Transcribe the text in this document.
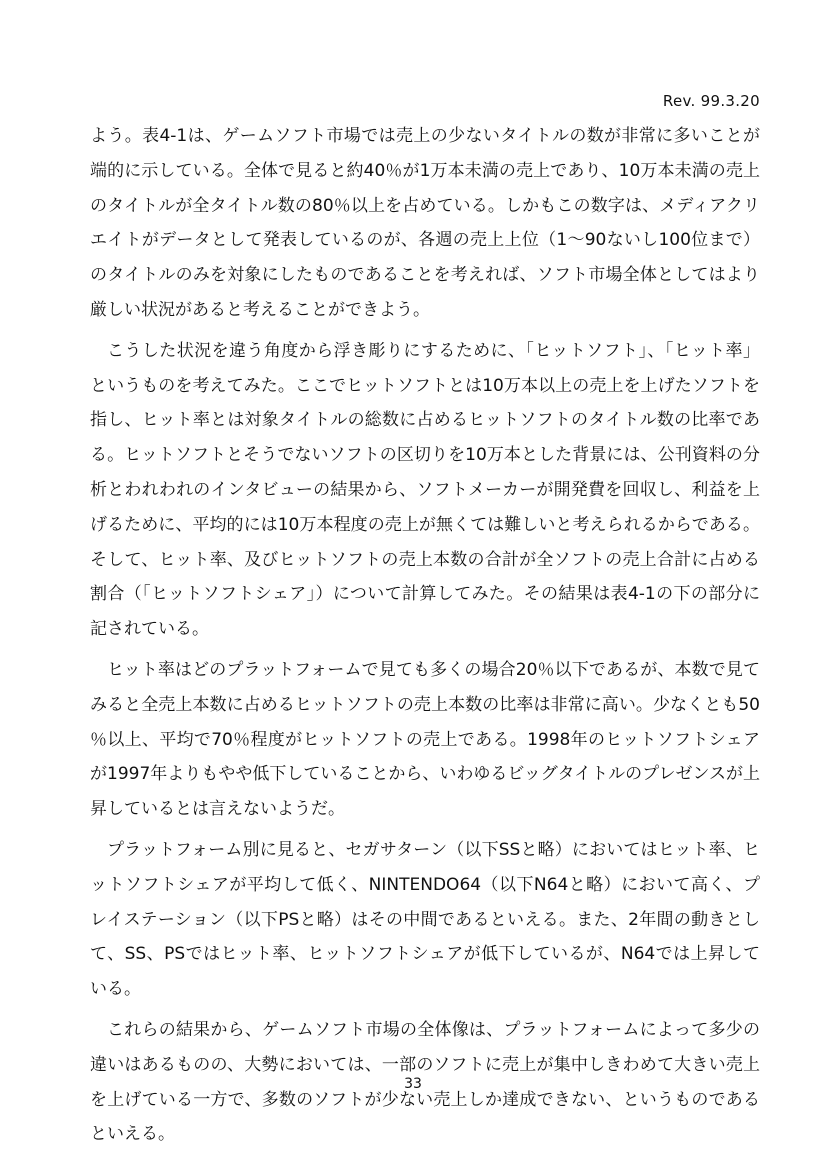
Rev. 99.3.20

よう。表4-1は、ゲームソフト市場では売上の少ないタイトルの数が非常に多いことが端的に示している。全体で見ると約40％が1万本未満の売上であり、10万本未満の売上のタイトルが全タイトル数の80％以上を占めている。しかもこの数字は、メディアクリエイトがデータとして発表しているのが、各週の売上上位（1〜90ないし100位まで）のタイトルのみを対象にしたものであることを考えれば、ソフト市場全体としてはより厳しい状況があると考えることができよう。

こうした状況を違う角度から浮き彫りにするために、「ヒットソフト」、「ヒット率」というものを考えてみた。ここでヒットソフトとは10万本以上の売上を上げたソフトを指し、ヒット率とは対象タイトルの総数に占めるヒットソフトのタイトル数の比率である。ヒットソフトとそうでないソフトの区切りを10万本とした背景には、公刊資料の分析とわれわれのインタビューの結果から、ソフトメーカーが開発費を回収し、利益を上げるために、平均的には10万本程度の売上が無くては難しいと考えられるからである。そして、ヒット率、及びヒットソフトの売上本数の合計が全ソフトの売上合計に占める割合（「ヒットソフトシェア」）について計算してみた。その結果は表4-1の下の部分に記されている。

ヒット率はどのプラットフォームで見ても多くの場合20％以下であるが、本数で見てみると全売上本数に占めるヒットソフトの売上本数の比率は非常に高い。少なくとも50％以上、平均で70％程度がヒットソフトの売上である。1998年のヒットソフトシェアが1997年よりもやや低下していることから、いわゆるビッグタイトルのプレゼンスが上昇しているとは言えないようだ。

プラットフォーム別に見ると、セガサターン（以下SSと略）においてはヒット率、ヒットソフトシェアが平均して低く、NINTENDO64（以下N64と略）において高く、プレイステーション（以下PSと略）はその中間であるといえる。また、2年間の動きとして、SS、PSではヒット率、ヒットソフトシェアが低下しているが、N64では上昇している。

これらの結果から、ゲームソフト市場の全体像は、プラットフォームによって多少の違いはあるものの、大勢においては、一部のソフトに売上が集中しきわめて大きい売上を上げている一方で、多数のソフトが少ない売上しか達成できない、というものであるといえる。

33
